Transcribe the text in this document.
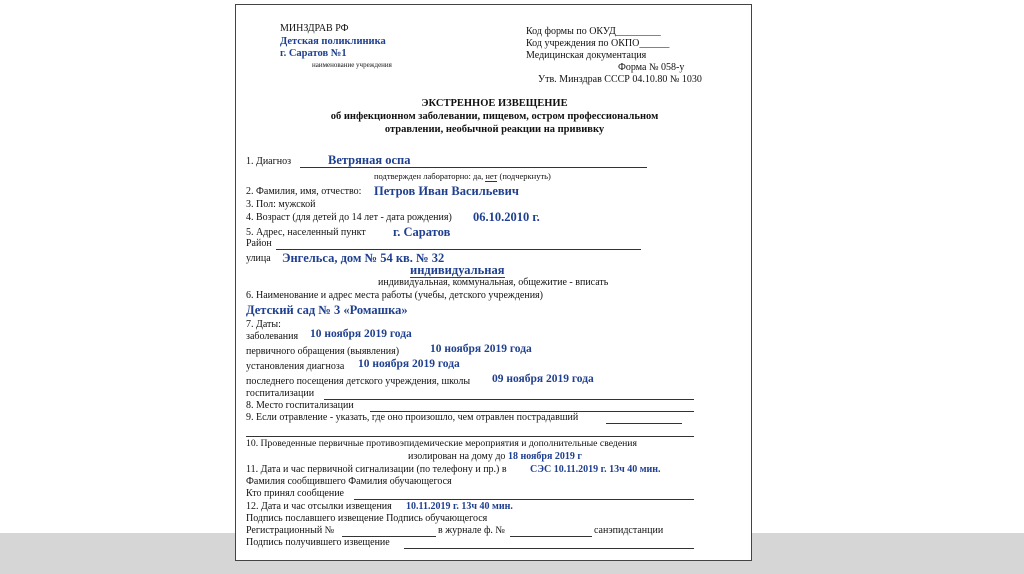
МИНЗДРАВ РФ
Детская поликлиника
г. Саратов №1
наименование учреждения
Код формы по ОКУД_________
Код учреждения по ОКПО______
Медицинская документация
Форма № 058-у
Утв. Минздрав СССР 04.10.80 № 1030
ЭКСТРЕННОЕ ИЗВЕЩЕНИЕ
об инфекционном заболевании, пищевом, остром профессиональном
отравлении, необычной реакции на прививку
1. Диагноз	Ветряная оспа
подтвержден лабораторно: да, нет (подчеркнуть)
2. Фамилия, имя, отчество: Петров Иван Васильевич
3. Пол: мужской
4. Возраст (для детей до 14 лет - дата рождения) 06.10.2010 г.
5. Адрес, населенный пункт г. Саратов
Район
улица Энгельса, дом № 54 кв. № 32
индивидуальная
индивидуальная, коммунальная, общежитие - вписать
6. Наименование и адрес места работы (учебы, детского учреждения)
Детский сад № 3 «Ромашка»
7. Даты:
заболевания 10 ноября 2019 года
первичного обращения (выявления)	10 ноября 2019 года
установления диагноза 10 ноября 2019 года
последнего посещения детского учреждения, школы 09 ноября 2019 года
госпитализации
8. Место госпитализации
9. Если отравление - указать, где оно произошло, чем отравлен пострадавший
10. Проведенные первичные противоэпидемические мероприятия и дополнительные сведения
изолирован на дому до 18 ноября 2019 г
11. Дата и час первичной сигнализации (по телефону и пр.) в СЭС 10.11.2019 г. 13ч 40 мин.
Фамилия сообщившего Фамилия обучающегося
Кто принял сообщение
12. Дата и час отсылки извещения 10.11.2019 г. 13ч 40 мин.
Подпись пославшего извещение Подпись обучающегося
Регистрационный №	в журнале ф. №	санэпидстанции
Подпись получившего извещение
